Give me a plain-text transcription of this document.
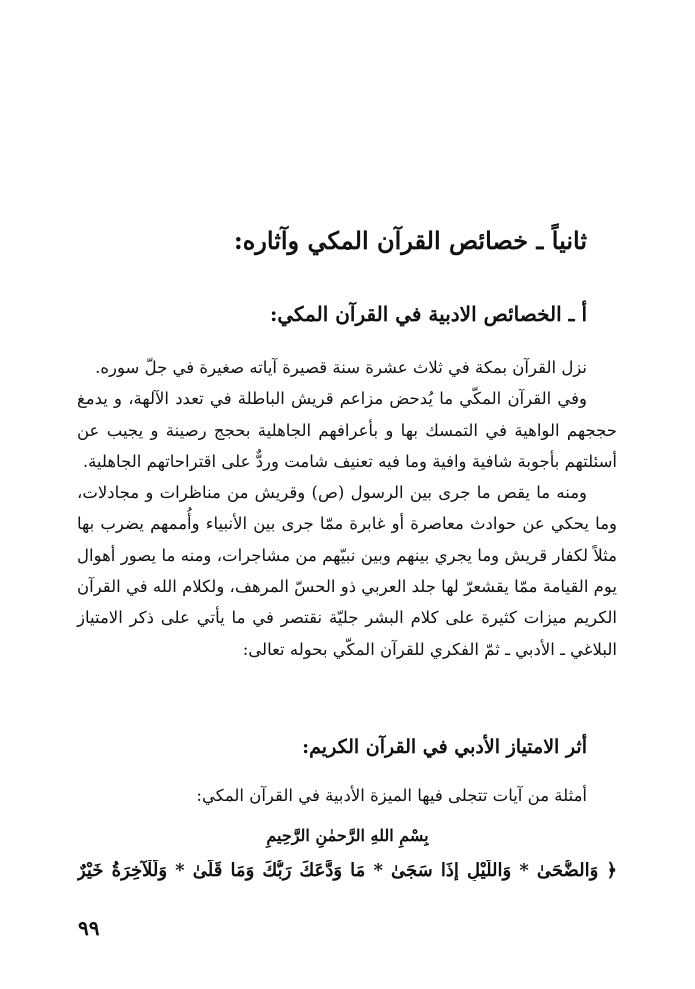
ثانياً ـ خصائص القرآن المكي وآثاره:
أ ـ الخصائص الادبية في القرآن المكي:

نزل القرآن بمكة في ثلاث عشرة سنة قصيرة آياته صغيرة في جلّ سوره.

وفي القرآن المكّي ما يُدحض مزاعم قريش الباطلة في تعدد الآلهة، و يدمغ حججهم الواهية في التمسك بها و بأعرافهم الجاهلية بحجج رصينة و يجيب عن أسئلتهم بأجوبة شافية وافية وما فيه تعنيف شامت وردٌّ على اقتراحاتهم الجاهلية.

ومنه ما يقص ما جرى بين الرسول (ص) وقريش من مناظرات و مجادلات، وما يحكي عن حوادث معاصرة أو غابرة ممّا جرى بين الأنبياء وأُممهم يضرب بها مثلاً لكفار قريش وما يجري بينهم وبين نبيّهم من مشاجرات، ومنه ما يصور أهوال يوم القيامة ممّا يقشعرّ لها جلد العربي ذو الحسّ المرهف، ولكلام الله في القرآن الكريم ميزات كثيرة على كلام البشر جليّة نقتصر في ما يأتي على ذكر الامتياز البلاغي ـ الأدبي ـ ثمّ الفكري للقرآن المكّي بحوله تعالى:

أثر الامتياز الأدبي في القرآن الكريم:
أمثلة من آيات تتجلى فيها الميزة الأدبية في القرآن المكي:
بِسْمِ اللهِ الرَّحمٰنِ الرَّحِيمِ
﴿ وَالضُّحَىٰ * وَاللَّيْلِ إِذَا سَجَىٰ * مَا وَدَّعَكَ رَبُّكَ وَمَا قَلَىٰ * وَلَلْآخِرَةُ خَيْرٌ
٩٩
